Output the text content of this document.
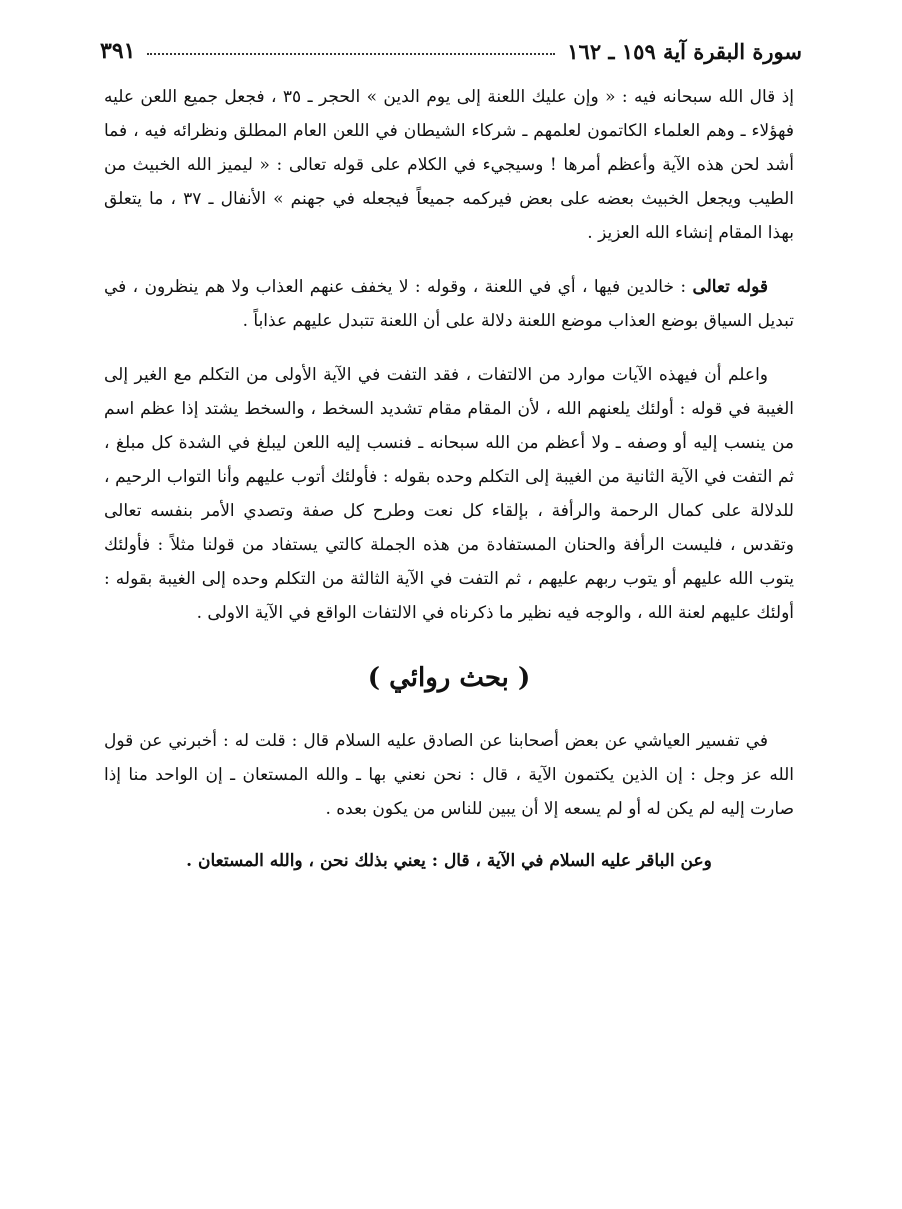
سورة البقرة آية ١٥٩ ـ ١٦٢
٣٩١

إذ قال الله سبحانه فيه : « وإن عليك اللعنة إلى يوم الدين » الحجر ـ ٣٥ ، فجعل جميع اللعن عليه فهؤلاء ـ وهم العلماء الكاتمون لعلمهم ـ شركاء الشيطان في اللعن العام المطلق ونظرائه فيه ، فما أشد لحن هذه الآية وأعظم أمرها ! وسيجيء في الكلام على قوله تعالى : « ليميز الله الخبيث من الطيب ويجعل الخبيث بعضه على بعض فيركمه جميعاً فيجعله في جهنم » الأنفال ـ ٣٧ ، ما يتعلق بهذا المقام إنشاء الله العزيز .

قوله تعالى : خالدين فيها ، أي في اللعنة ، وقوله : لا يخفف عنهم العذاب ولا هم ينظرون ، في تبديل السياق بوضع العذاب موضع اللعنة دلالة على أن اللعنة تتبدل عليهم عذاباً .

واعلم أن فيهذه الآيات موارد من الالتفات ، فقد التفت في الآية الأولى من التكلم مع الغير إلى الغيبة في قوله : أولئك يلعنهم الله ، لأن المقام مقام تشديد السخط ، والسخط يشتد إذا عظم اسم من ينسب إليه أو وصفه ـ ولا أعظم من الله سبحانه ـ فنسب إليه اللعن ليبلغ في الشدة كل مبلغ ، ثم التفت في الآية الثانية من الغيبة إلى التكلم وحده بقوله : فأولئك أتوب عليهم وأنا التواب الرحيم ، للدلالة على كمال الرحمة والرأفة ، بإلقاء كل نعت وطرح كل صفة وتصدي الأمر بنفسه تعالى وتقدس ، فليست الرأفة والحنان المستفادة من هذه الجملة كالتي يستفاد من قولنا مثلاً : فأولئك يتوب الله عليهم أو يتوب ربهم عليهم ، ثم التفت في الآية الثالثة من التكلم وحده إلى الغيبة بقوله : أولئك عليهم لعنة الله ، والوجه فيه نظير ما ذكرناه في الالتفات الواقع في الآية الاولى .

( بحث روائي )

في تفسير العياشي عن بعض أصحابنا عن الصادق عليه السلام قال : قلت له : أخبرني عن قول الله عز وجل : إن الذين يكتمون الآية ، قال : نحن نعني بها ـ والله المستعان ـ إن الواحد منا إذا صارت إليه لم يكن له أو لم يسعه إلا أن يبين للناس من يكون بعده .

وعن الباقر عليه السلام في الآية ، قال : يعني بذلك نحن ، والله المستعان .
